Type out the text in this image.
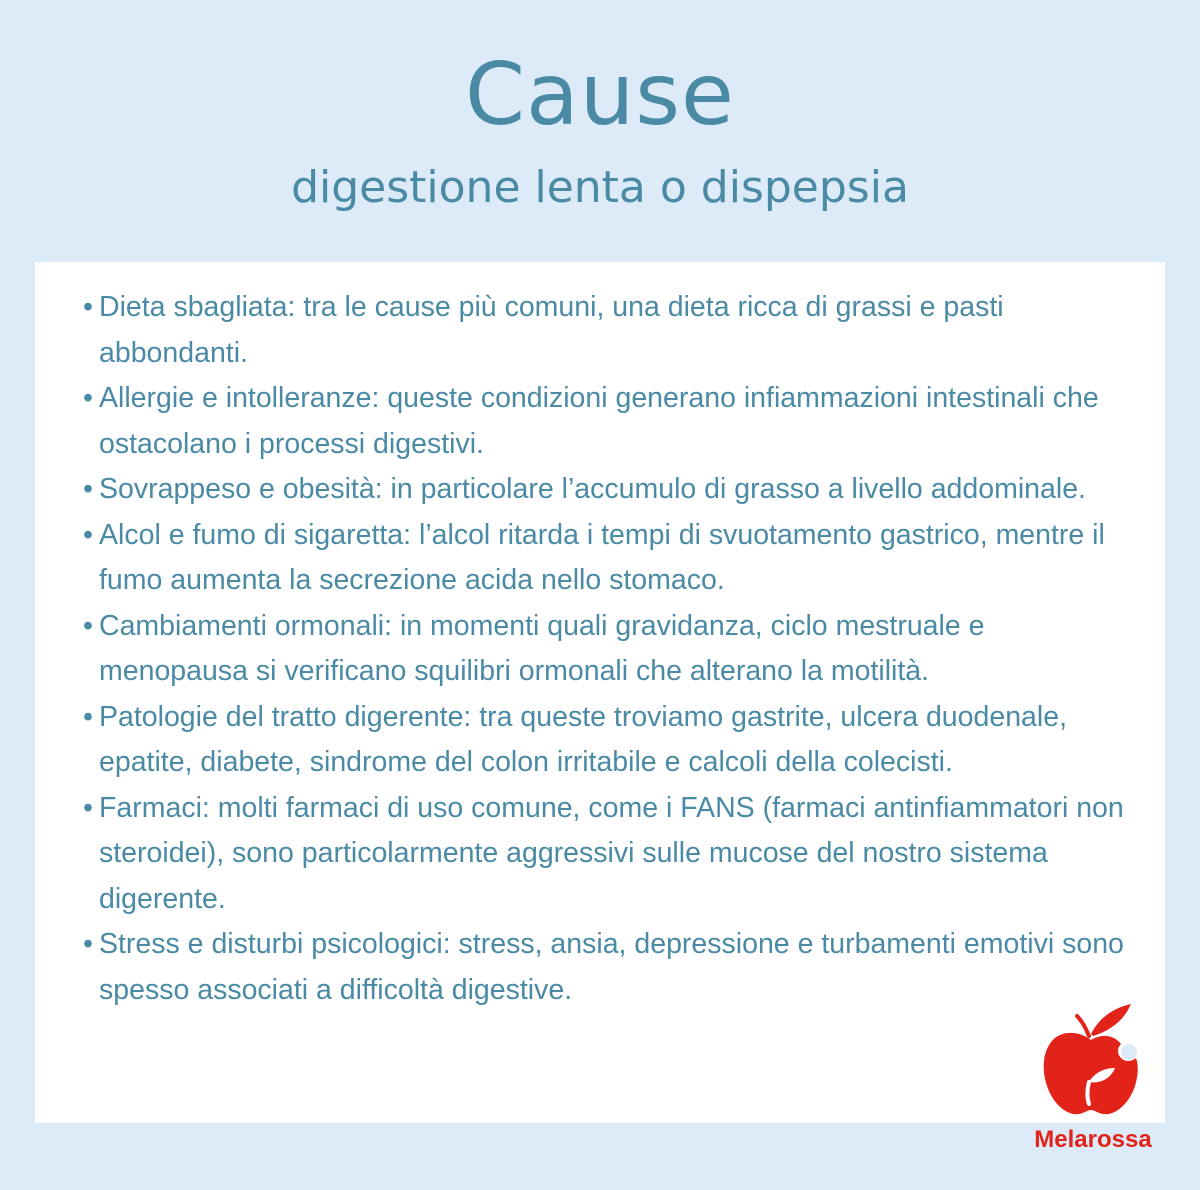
Cause
digestione lenta o dispepsia
• Dieta sbagliata: tra le cause più comuni, una dieta ricca di grassi e pasti abbondanti.
• Allergie e intolleranze: queste condizioni generano infiammazioni intestinali che ostacolano i processi digestivi.
• Sovrappeso e obesità: in particolare l’accumulo di grasso a livello addominale.
• Alcol e fumo di sigaretta: l’alcol ritarda i tempi di svuotamento gastrico, mentre il fumo aumenta la secrezione acida nello stomaco.
• Cambiamenti ormonali: in momenti quali gravidanza, ciclo mestruale e menopausa si verificano squilibri ormonali che alterano la motilità.
• Patologie del tratto digerente: tra queste troviamo gastrite, ulcera duodenale, epatite, diabete, sindrome del colon irritabile e calcoli della colecisti.
• Farmaci: molti farmaci di uso comune, come i FANS (farmaci antinfiammatori non steroidei), sono particolarmente aggressivi sulle mucose del nostro sistema digerente.
• Stress e disturbi psicologici: stress, ansia, depressione e turbamenti emotivi sono spesso associati a difficoltà digestive.
Melarossa
